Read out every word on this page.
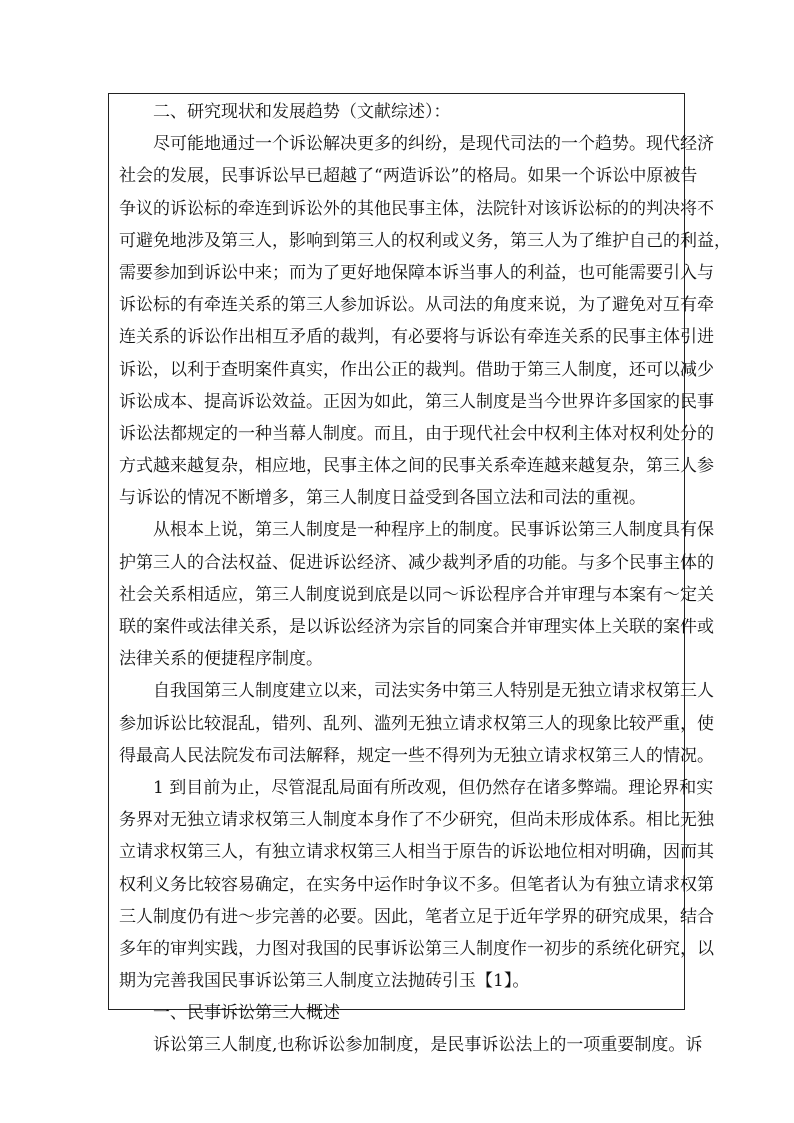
二、研究现状和发展趋势（文献综述）：
尽可能地通过一个诉讼解决更多的纠纷，是现代司法的一个趋势。现代经济
社会的发展，民事诉讼早已超越了“两造诉讼”的格局。如果一个诉讼中原被告
争议的诉讼标的牵连到诉讼外的其他民事主体，法院针对该诉讼标的的判决将不
可避免地涉及第三人，影响到第三人的权利或义务，第三人为了维护自己的利益，
需要参加到诉讼中来；而为了更好地保障本诉当事人的利益，也可能需要引入与
诉讼标的有牵连关系的第三人参加诉讼。从司法的角度来说，为了避免对互有牵
连关系的诉讼作出相互矛盾的裁判，有必要将与诉讼有牵连关系的民事主体引进
诉讼，以利于查明案件真实，作出公正的裁判。借助于第三人制度，还可以减少
诉讼成本、提高诉讼效益。正因为如此，第三人制度是当今世界许多国家的民事
诉讼法都规定的一种当幕人制度。而且，由于现代社会中权利主体对权利处分的
方式越来越复杂，相应地，民事主体之间的民事关系牵连越来越复杂，第三人参
与诉讼的情况不断增多，第三人制度日益受到各国立法和司法的重视。
从根本上说，第三人制度是一种程序上的制度。民事诉讼第三人制度具有保
护第三人的合法权益、促进诉讼经济、减少裁判矛盾的功能。与多个民事主体的
社会关系相适应，第三人制度说到底是以同～诉讼程序合并审理与本案有～定关
联的案件或法律关系，是以诉讼经济为宗旨的同案合并审理实体上关联的案件或
法律关系的便捷程序制度。
自我国第三人制度建立以来，司法实务中第三人特别是无独立请求权第三人
参加诉讼比较混乱，错列、乱列、滥列无独立请求权第三人的现象比较严重，使
得最高人民法院发布司法解释，规定一些不得列为无独立请求权第三人的情况。
1 到目前为止，尽管混乱局面有所改观，但仍然存在诸多弊端。理论界和实
务界对无独立请求权第三人制度本身作了不少研究，但尚未形成体系。相比无独
立请求权第三人，有独立请求权第三人相当于原告的诉讼地位相对明确，因而其
权利义务比较容易确定，在实务中运作时争议不多。但笔者认为有独立请求权第
三人制度仍有进～步完善的必要。因此，笔者立足于近年学界的研究成果，结合
多年的审判实践，力图对我国的民事诉讼第三人制度作一初步的系统化研究，以
期为完善我国民事诉讼第三人制度立法抛砖引玉【1】。
一、民事诉讼第三人概述
诉讼第三人制度,也称诉讼参加制度，是民事诉讼法上的一项重要制度。诉
